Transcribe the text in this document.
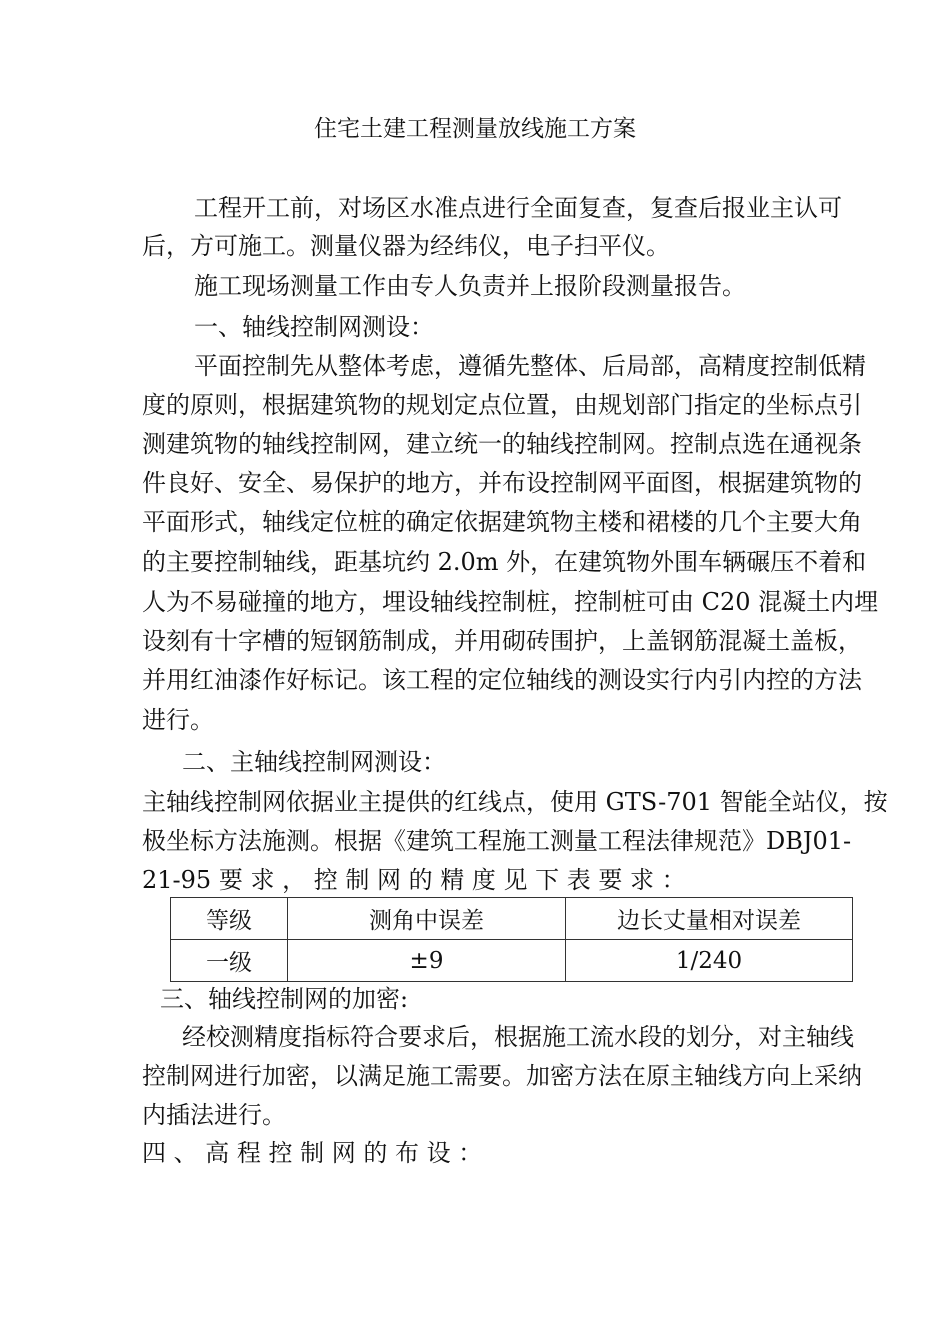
住宅土建工程测量放线施工方案
工程开工前，对场区水准点进行全面复查，复查后报业主认可
后，方可施工。测量仪器为经纬仪，电子扫平仪。
施工现场测量工作由专人负责并上报阶段测量报告。
一、轴线控制网测设：
平面控制先从整体考虑，遵循先整体、后局部，高精度控制低精
度的原则，根据建筑物的规划定点位置，由规划部门指定的坐标点引
测建筑物的轴线控制网，建立统一的轴线控制网。控制点选在通视条
件良好、安全、易保护的地方，并布设控制网平面图，根据建筑物的
平面形式，轴线定位桩的确定依据建筑物主楼和裙楼的几个主要大角
的主要控制轴线，距基坑约 2.0m 外，在建筑物外围车辆碾压不着和
人为不易碰撞的地方，埋设轴线控制桩，控制桩可由 C20 混凝土内埋
设刻有十字槽的短钢筋制成，并用砌砖围护，上盖钢筋混凝土盖板，
并用红油漆作好标记。该工程的定位轴线的测设实行内引内控的方法
进行。
二、主轴线控制网测设：
主轴线控制网依据业主提供的红线点，使用 GTS-701 智能全站仪，按
极坐标方法施测。根据《建筑工程施工测量工程法律规范》DBJ01-
21-95 要 求 ， 控 制 网 的 精 度 见 下 表 要 求 ：
等级	测角中误差	边长丈量相对误差
一级	±9	1/240
三、轴线控制网的加密:
经校测精度指标符合要求后，根据施工流水段的划分，对主轴线
控制网进行加密，以满足施工需要。加密方法在原主轴线方向上采纳
内插法进行。
四 、 高 程 控 制 网 的 布 设 ：
